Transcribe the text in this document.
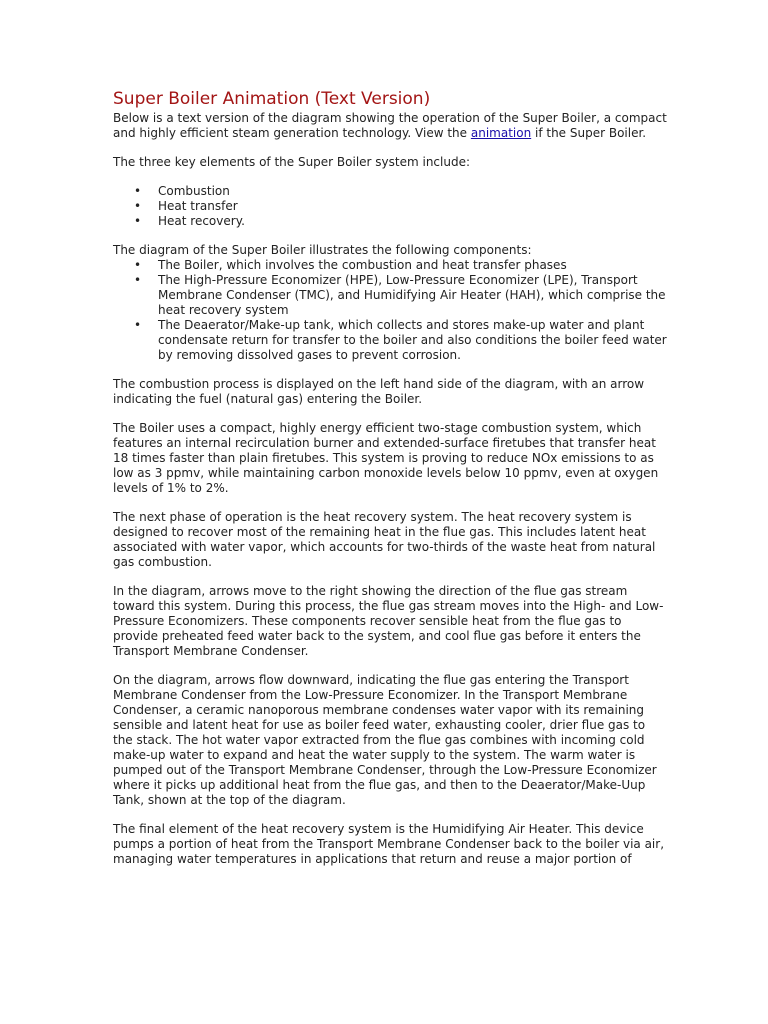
Super Boiler Animation (Text Version)

Below is a text version of the diagram showing the operation of the Super Boiler, a compact and highly efficient steam generation technology. View the animation if the Super Boiler.

The three key elements of the Super Boiler system include:

• Combustion
• Heat transfer
• Heat recovery.

The diagram of the Super Boiler illustrates the following components:

• The Boiler, which involves the combustion and heat transfer phases
• The High-Pressure Economizer (HPE), Low-Pressure Economizer (LPE), Transport Membrane Condenser (TMC), and Humidifying Air Heater (HAH), which comprise the heat recovery system
• The Deaerator/Make-up tank, which collects and stores make-up water and plant condensate return for transfer to the boiler and also conditions the boiler feed water by removing dissolved gases to prevent corrosion.

The combustion process is displayed on the left hand side of the diagram, with an arrow indicating the fuel (natural gas) entering the Boiler.

The Boiler uses a compact, highly energy efficient two-stage combustion system, which features an internal recirculation burner and extended-surface firetubes that transfer heat 18 times faster than plain firetubes. This system is proving to reduce NOx emissions to as low as 3 ppmv, while maintaining carbon monoxide levels below 10 ppmv, even at oxygen levels of 1% to 2%.

The next phase of operation is the heat recovery system. The heat recovery system is designed to recover most of the remaining heat in the flue gas. This includes latent heat associated with water vapor, which accounts for two-thirds of the waste heat from natural gas combustion.

In the diagram, arrows move to the right showing the direction of the flue gas stream toward this system. During this process, the flue gas stream moves into the High- and Low-Pressure Economizers. These components recover sensible heat from the flue gas to provide preheated feed water back to the system, and cool flue gas before it enters the Transport Membrane Condenser.

On the diagram, arrows flow downward, indicating the flue gas entering the Transport Membrane Condenser from the Low-Pressure Economizer. In the Transport Membrane Condenser, a ceramic nanoporous membrane condenses water vapor with its remaining sensible and latent heat for use as boiler feed water, exhausting cooler, drier flue gas to the stack. The hot water vapor extracted from the flue gas combines with incoming cold make-up water to expand and heat the water supply to the system. The warm water is pumped out of the Transport Membrane Condenser, through the Low-Pressure Economizer where it picks up additional heat from the flue gas, and then to the Deaerator/Make-Uup Tank, shown at the top of the diagram.

The final element of the heat recovery system is the Humidifying Air Heater. This device pumps a portion of heat from the Transport Membrane Condenser back to the boiler via air, managing water temperatures in applications that return and reuse a major portion of
